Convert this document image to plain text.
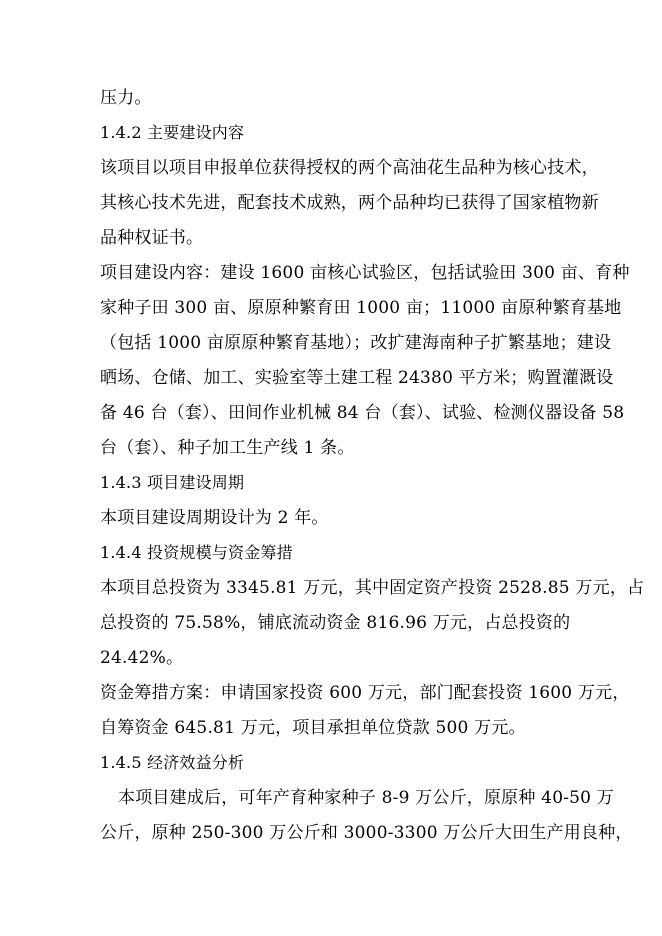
压力。
1.4.2 主要建设内容
该项目以项目申报单位获得授权的两个高油花生品种为核心技术，
其核心技术先进，配套技术成熟，两个品种均已获得了国家植物新
品种权证书。
项目建设内容：建设 1600 亩核心试验区，包括试验田 300 亩、育种
家种子田 300 亩、原原种繁育田 1000 亩；11000 亩原种繁育基地
（包括 1000 亩原原种繁育基地）；改扩建海南种子扩繁基地；建设
晒场、仓储、加工、实验室等土建工程 24380 平方米；购置灌溉设
备 46 台（套）、田间作业机械 84 台（套）、试验、检测仪器设备 58
台（套）、种子加工生产线 1 条。
1.4.3 项目建设周期
本项目建设周期设计为 2 年。
1.4.4 投资规模与资金筹措
本项目总投资为 3345.81 万元，其中固定资产投资 2528.85 万元，占
总投资的 75.58%，铺底流动资金 816.96 万元，占总投资的
24.42%。
资金筹措方案：申请国家投资 600 万元，部门配套投资 1600 万元，
自筹资金 645.81 万元，项目承担单位贷款 500 万元。
1.4.5 经济效益分析
本项目建成后，可年产育种家种子 8-9 万公斤，原原种 40-50 万
公斤，原种 250-300 万公斤和 3000-3300 万公斤大田生产用良种，
